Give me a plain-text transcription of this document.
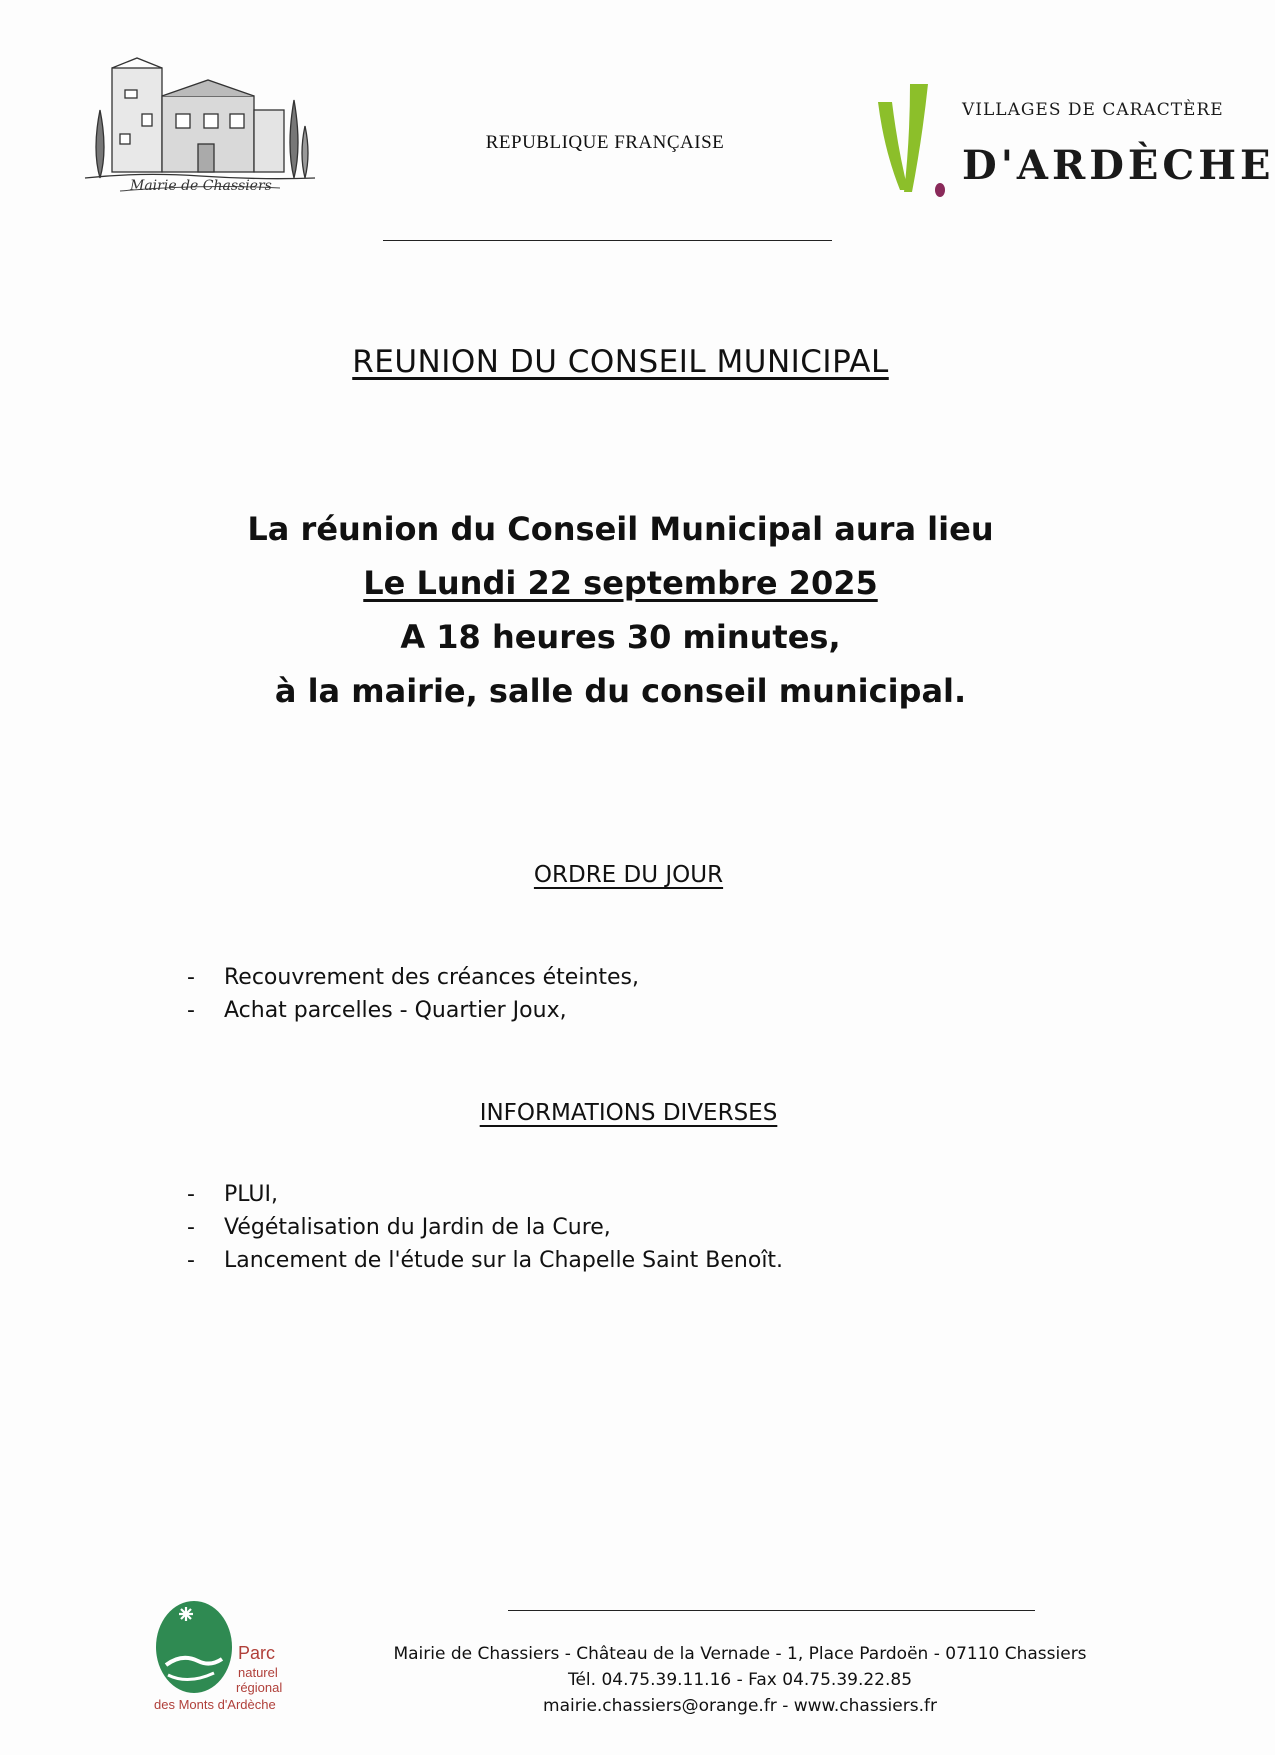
Mairie de Chassiers
REPUBLIQUE FRANÇAISE
VILLAGES DE CARACTÈRE
D'ARDÈCHE
REUNION DU CONSEIL MUNICIPAL
La réunion du Conseil Municipal aura lieu
Le Lundi 22 septembre 2025
A 18 heures 30 minutes,
à la mairie, salle du conseil municipal.
ORDRE DU JOUR
- Recouvrement des créances éteintes,
- Achat parcelles - Quartier Joux,
INFORMATIONS DIVERSES
- PLUI,
- Végétalisation du Jardin de la Cure,
- Lancement de l'étude sur la Chapelle Saint Benoît.
Parc
naturel
régional
des Monts d'Ardèche
Mairie de Chassiers - Château de la Vernade - 1, Place Pardoën - 07110 Chassiers
Tél. 04.75.39.11.16 - Fax 04.75.39.22.85
mairie.chassiers@orange.fr - www.chassiers.fr
